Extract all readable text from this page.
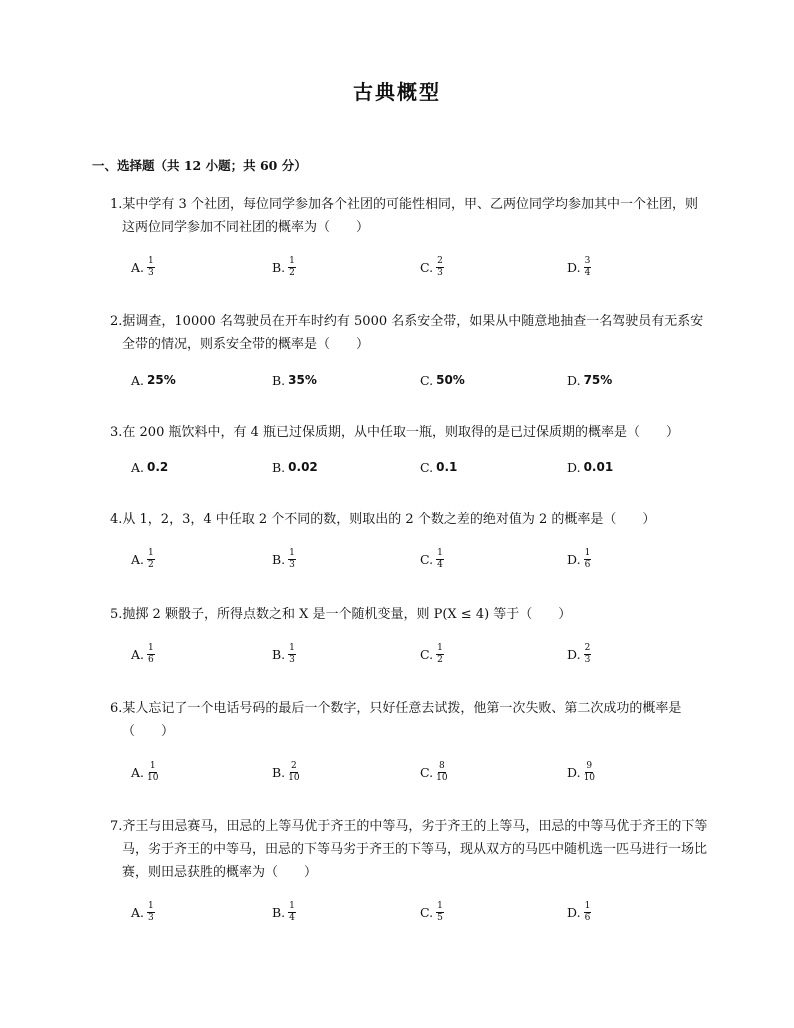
古典概型
一、选择题（共 12 小题；共 60 分）
1.某中学有 3 个社团，每位同学参加各个社团的可能性相同，甲、乙两位同学均参加其中一个社团，则这两位同学参加不同社团的概率为（　　）
A. $\frac{1}{3}$	B. $\frac{1}{2}$	C. $\frac{2}{3}$	D. $\frac{3}{4}$
2.据调查，10000 名驾驶员在开车时约有 5000 名系安全带，如果从中随意地抽查一名驾驶员有无系安全带的情况，则系安全带的概率是（　　）
A. 25%	B. 35%	C. 50%	D. 75%
3.在 200 瓶饮料中，有 4 瓶已过保质期，从中任取一瓶，则取得的是已过保质期的概率是（　　）
A. 0.2	B. 0.02	C. 0.1	D. 0.01
4.从 1，2，3，4 中任取 2 个不同的数，则取出的 2 个数之差的绝对值为 2 的概率是（　　）
A. $\frac{1}{2}$	B. $\frac{1}{3}$	C. $\frac{1}{4}$	D. $\frac{1}{6}$
5.抛掷 2 颗骰子，所得点数之和 X 是一个随机变量，则 P(X ≤ 4) 等于（　　）
A. $\frac{1}{6}$	B. $\frac{1}{3}$	C. $\frac{1}{2}$	D. $\frac{2}{3}$
6.某人忘记了一个电话号码的最后一个数字，只好任意去试拨，他第一次失败、第二次成功的概率是（　　）
A. $\frac{1}{10}$	B. $\frac{2}{10}$	C. $\frac{8}{10}$	D. $\frac{9}{10}$
7.齐王与田忌赛马，田忌的上等马优于齐王的中等马，劣于齐王的上等马，田忌的中等马优于齐王的下等马，劣于齐王的中等马，田忌的下等马劣于齐王的下等马，现从双方的马匹中随机选一匹马进行一场比赛，则田忌获胜的概率为（　　）
A. $\frac{1}{3}$	B. $\frac{1}{4}$	C. $\frac{1}{5}$	D. $\frac{1}{6}$
